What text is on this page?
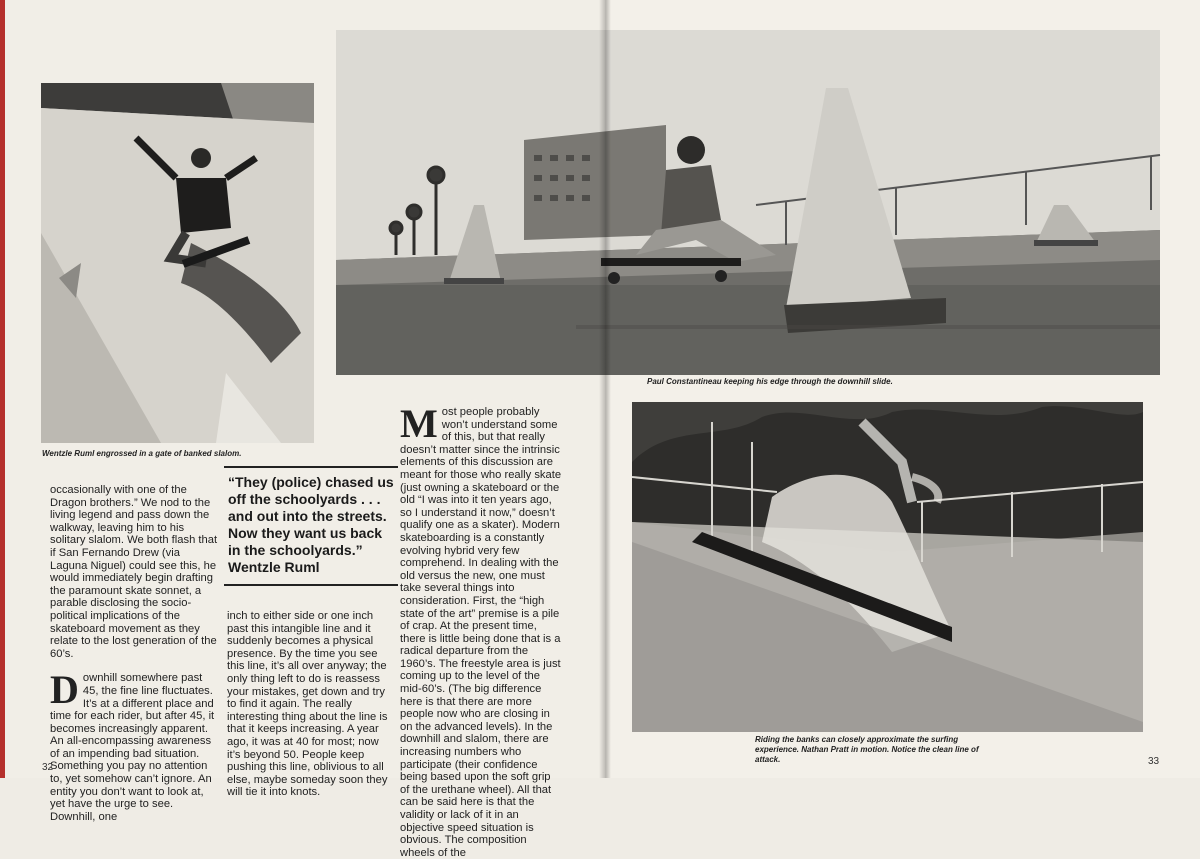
Wentzle Ruml engrossed in a gate of banked slalom.
Paul Constantineau keeping his edge through the downhill slide.
Riding the banks can closely approximate the surfing experience. Nathan Pratt in motion. Notice the clean line of attack.

occasionally with one of the Dragon brothers.” We nod to the living legend and pass down the walkway, leaving him to his solitary slalom. We both flash that if San Fernando Drew (via Laguna Niguel) could see this, he would immediately begin drafting the paramount skate sonnet, a parable disclosing the socio-political implications of the skateboard movement as they relate to the lost generation of the 60’s.

Downhill somewhere past 45, the fine line fluctuates. It’s at a different place and time for each rider, but after 45, it becomes increasingly apparent. An all-encompassing awareness of an impending bad situation. Something you pay no attention to, yet somehow can’t ignore. An entity you don’t want to look at, yet have the urge to see. Downhill, one

“They (police) chased us off the schoolyards . . . and out into the streets. Now they want us back in the schoolyards.”

Wentzle Ruml

inch to either side or one inch past this intangible line and it suddenly becomes a physical presence. By the time you see this line, it’s all over anyway; the only thing left to do is reassess your mistakes, get down and try to find it again. The really interesting thing about the line is that it keeps increasing. A year ago, it was at 40 for most; now it’s beyond 50. People keep pushing this line, oblivious to all else, maybe someday soon they will tie it into knots.

Most people probably won’t understand some of this, but that really doesn’t matter since the intrinsic elements of this discussion are meant for those who really skate (just owning a skateboard or the old “I was into it ten years ago, so I understand it now,” doesn’t qualify one as a skater). Modern skateboarding is a constantly evolving hybrid very few comprehend. In dealing with the old versus the new, one must take several things into consideration. First, the “high state of the art” premise is a pile of crap. At the present time, there is little being done that is a radical departure from the 1960’s. The freestyle area is just coming up to the level of the mid-60’s. (The big difference here is that there are more people now who are closing in on the advanced levels). In the downhill and slalom, there are increasing numbers who participate (their confidence being based upon the soft grip of the urethane wheel). All that can be said here is that the validity or lack of it in an objective speed situation is obvious. The composition wheels of the

32
33
